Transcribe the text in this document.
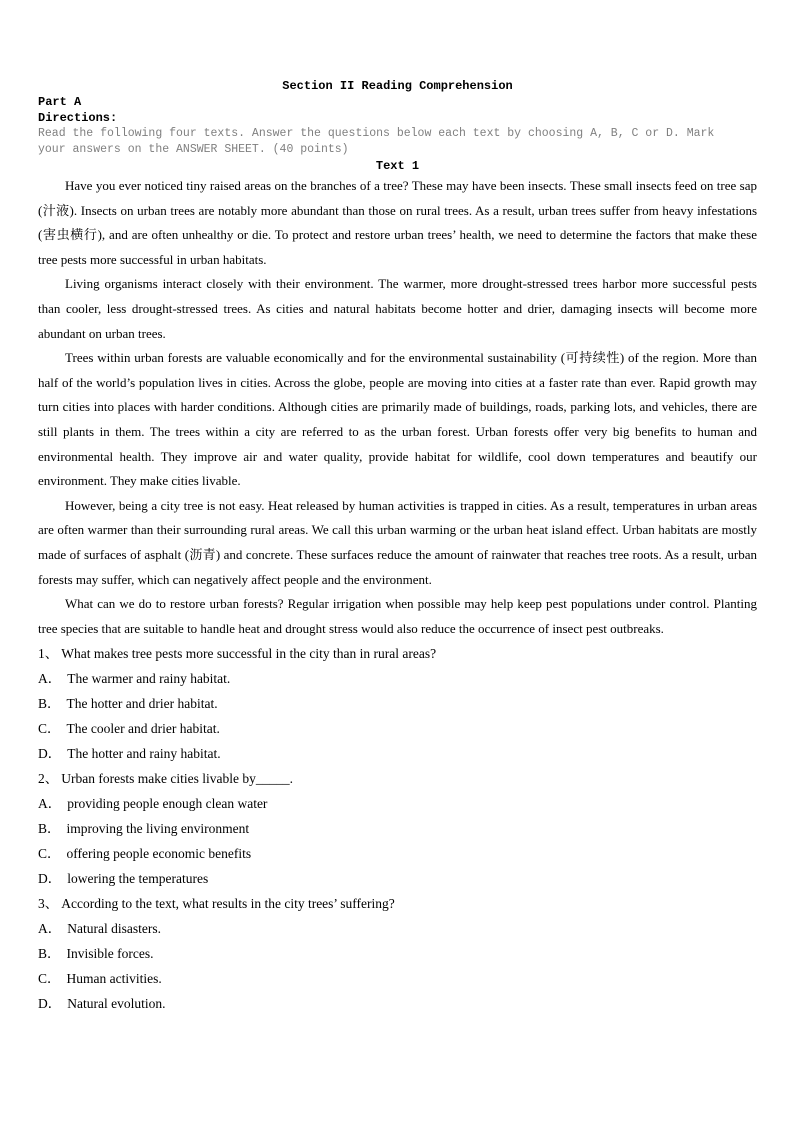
Section II Reading Comprehension
Part A
Directions:
Read the following four texts. Answer the questions below each text by choosing A, B, C or D. Mark your answers on the ANSWER SHEET. (40 points)
Text 1

Have you ever noticed tiny raised areas on the branches of a tree? These may have been insects. These small insects feed on tree sap (汁液). Insects on urban trees are notably more abundant than those on rural trees. As a result, urban trees suffer from heavy infestations (害虫横行), and are often unhealthy or die. To protect and restore urban trees’ health, we need to determine the factors that make these tree pests more successful in urban habitats.

Living organisms interact closely with their environment. The warmer, more drought-stressed trees harbor more successful pests than cooler, less drought-stressed trees. As cities and natural habitats become hotter and drier, damaging insects will become more abundant on urban trees.

Trees within urban forests are valuable economically and for the environmental sustainability (可持续性) of the region. More than half of the world’s population lives in cities. Across the globe, people are moving into cities at a faster rate than ever. Rapid growth may turn cities into places with harder conditions. Although cities are primarily made of buildings, roads, parking lots, and vehicles, there are still plants in them. The trees within a city are referred to as the urban forest. Urban forests offer very big benefits to human and environmental health. They improve air and water quality, provide habitat for wildlife, cool down temperatures and beautify our environment. They make cities livable.

However, being a city tree is not easy. Heat released by human activities is trapped in cities. As a result, temperatures in urban areas are often warmer than their surrounding rural areas. We call this urban warming or the urban heat island effect. Urban habitats are mostly made of surfaces of asphalt (沥青) and concrete. These surfaces reduce the amount of rainwater that reaches tree roots. As a result, urban forests may suffer, which can negatively affect people and the environment.

What can we do to restore urban forests? Regular irrigation when possible may help keep pest populations under control. Planting tree species that are suitable to handle heat and drought stress would also reduce the occurrence of insect pest outbreaks.

1、 What makes tree pests more successful in the city than in rural areas?
A． The warmer and rainy habitat.
B． The hotter and drier habitat.
C． The cooler and drier habitat.
D． The hotter and rainy habitat.
2、 Urban forests make cities livable by_____.
A． providing people enough clean water
B． improving the living environment
C． offering people economic benefits
D． lowering the temperatures
3、 According to the text, what results in the city trees’ suffering?
A． Natural disasters.
B． Invisible forces.
C． Human activities.
D． Natural evolution.
